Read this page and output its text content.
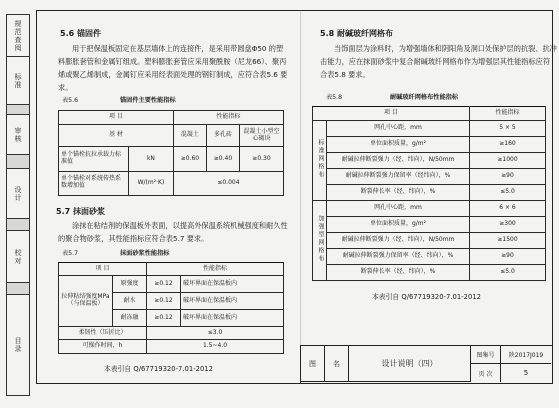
规范查阅
标准
审核
设计
校对
目录
5.6 锚固件
用于把保温板固定在基层墙体上的连接件，是采用带圆盘Φ50 的塑
料膨胀套管和金属钉组成。塑料膨胀套管应采用聚酰胺（尼龙66）、聚丙
烯或聚乙烯制成，金属钉应采用经表面处理的钢钉制成，应符合表5.6 要
求。
表5.6	锚固件主要性能指标
项 目		性能指标		
基 材		混凝土	多孔砖	混凝土小型空心砌块
单个锚栓抗拉承载力标准值	kN	≥0.60	≥0.40	≥0.30
单个锚栓对系统传热系数增加值	W/(m²·K)	≤0.004		
5.7 抹面砂浆
涂抹在粘结剂的保温板外表面，以提高外保温系统机械强度和耐久性
的聚合物砂浆，其性能指标应符合表5.7 要求。
表5.7	抹面砂浆性能指标
项 目		性能指标	
拉伸粘结强度MPa（与保温板）	原强度	≥0.12	破坏界面在保温板内
	耐水	≥0.12	破坏界面在保温板内
	耐冻融	≥0.12	破坏界面在保温板内
柔韧性（压折比）		≤3.0	
可操作时间，h		1.5~4.0	
本表引自 Q/67719320-7.01-2012
5.8 耐碱玻纤网格布
当饰面层为涂料时，为增强墙体和阴阳角及洞口处保护层的抗裂、抗冲
击能力，应在抹面砂浆中复合耐碱玻纤网格布作为增强层其性能指标应符
合表5.8 要求。
表5.8	耐碱玻纤网格布性能指标
项 目		性能指标
标准网格布	网孔中心距，mm	5 × 5
	单位面积质量，g/m²	≥160
	耐碱拉伸断裂强力（经、纬向），N/50mm	≥1000
	耐碱拉伸断裂强力保留率（经纬向），%	≥90
	断裂伸长率（经、纬向），%	≤5.0
加强型网格布	网孔中心距，mm	6 × 6
	单位面积质量，g/m²	≥300
	耐碱拉伸断裂强力（经、纬向），N/50mm	≥1500
	耐碱拉伸断裂强力保留率（经、纬向），%	≥90
	断裂伸长率（经、纬向），%	≤5.0
本表引自 Q/67719320-7.01-2012
图	名	设计说明（四）
图集号	陕2017J019
页 次	5
